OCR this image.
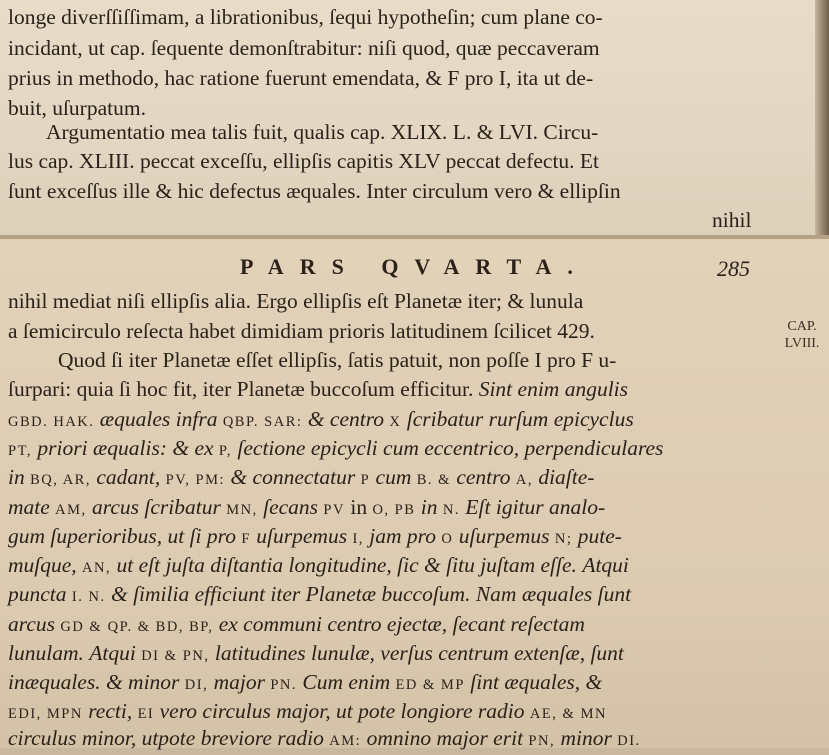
longe diverſſiſſimam, a librationibus, ſequi hypotheſin; cum plane co-
incidant, ut cap. ſequente demonſtrabitur: niſi quod, quæ peccaveram
prius in methodo, hac ratione fuerunt emendata, & F pro I, ita ut de-
buit, uſurpatum.
Argumentatio mea talis fuit, qualis cap. XLIX. L. & LVI. Circu-
lus cap. XLIII. peccat exceſſu, ellipſis capitis XLV peccat defectu. Et
ſunt exceſſus ille & hic defectus æquales. Inter circulum vero & ellipſin
nihil
PARS QVARTA.	285
CAP.
LVIII.
nihil mediat niſi ellipſis alia. Ergo ellipſis eſt Planetæ iter; & lunula
a ſemicirculo reſecta habet dimidiam prioris latitudinem ſcilicet 429.
Quod ſi iter Planetæ eſſet ellipſis, ſatis patuit, non poſſe I pro F u-
ſurpari: quia ſi hoc fit, iter Planetæ buccoſum efficitur. Sint enim angulis
GBD. HAK. æquales infra QBP. SAR: & centro X ſcribatur rurſum epicyclus
PT, priori æqualis: & ex P, ſectione epicycli cum eccentrico, perpendiculares
in BQ, AR, cadant, PV, PM: & connectatur P cum B. & centro A, diaſte-
mate AM, arcus ſcribatur MN, ſecans PV in O, PB in N. Eſt igitur analo-
gum ſuperioribus, ut ſi pro F uſurpemus I, jam pro O uſurpemus N; pute-
muſque, AN, ut eſt juſta diſtantia longitudine, ſic & ſitu juſtam eſſe. Atqui
puncta I. N. & ſimilia efficiunt iter Planetæ buccoſum. Nam æquales ſunt
arcus GD & QP. & BD, BP, ex communi centro ejectæ, ſecant reſectam
lunulam. Atqui DI & PN, latitudines lunulæ, verſus centrum extenſæ, ſunt
inæquales. & minor DI, major PN. Cum enim ED & MP ſint æquales, &
EDI, MPN recti, EI vero circulus major, ut pote longiore radio AE, & MN
circulus minor, utpote breviore radio AM: omnino major erit PN, minor DI.
